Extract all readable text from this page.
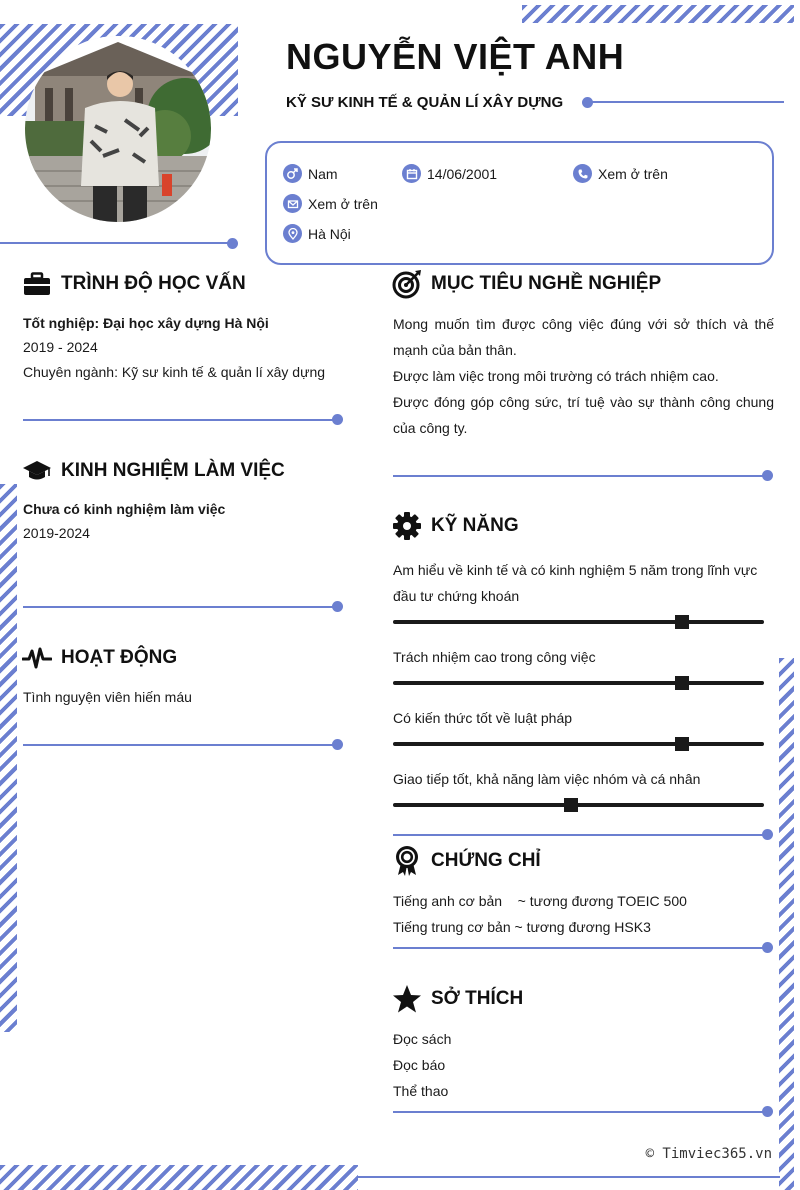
NGUYỄN VIỆT ANH
KỸ SƯ KINH TẾ & QUẢN LÍ XÂY DỰNG
Nam	14/06/2001	Xem ở trên
Xem ở trên
Hà Nội
TRÌNH ĐỘ HỌC VẤN
Tốt nghiệp: Đại học xây dựng Hà Nội
2019 - 2024
Chuyên ngành: Kỹ sư kinh tế & quản lí xây dựng
KINH NGHIỆM LÀM VIỆC
Chưa có kinh nghiệm làm việc
2019-2024
HOẠT ĐỘNG
Tình nguyện viên hiến máu
MỤC TIÊU NGHỀ NGHIỆP
Mong muốn tìm được công việc đúng với sở thích và thế mạnh của bản thân.
Được làm việc trong môi trường có trách nhiệm cao.
Được đóng góp công sức, trí tuệ vào sự thành công chung của công ty.
KỸ NĂNG
Am hiểu về kinh tế và có kinh nghiệm 5 năm trong lĩnh vực đầu tư chứng khoán
Trách nhiệm cao trong công việc
Có kiến thức tốt về luật pháp
Giao tiếp tốt, khả năng làm việc nhóm và cá nhân
CHỨNG CHỈ
Tiếng anh cơ bản    ~ tương đương TOEIC 500
Tiếng trung cơ bản ~ tương đương HSK3
SỞ THÍCH
Đọc sách
Đọc báo
Thể thao
© Timviec365.vn
